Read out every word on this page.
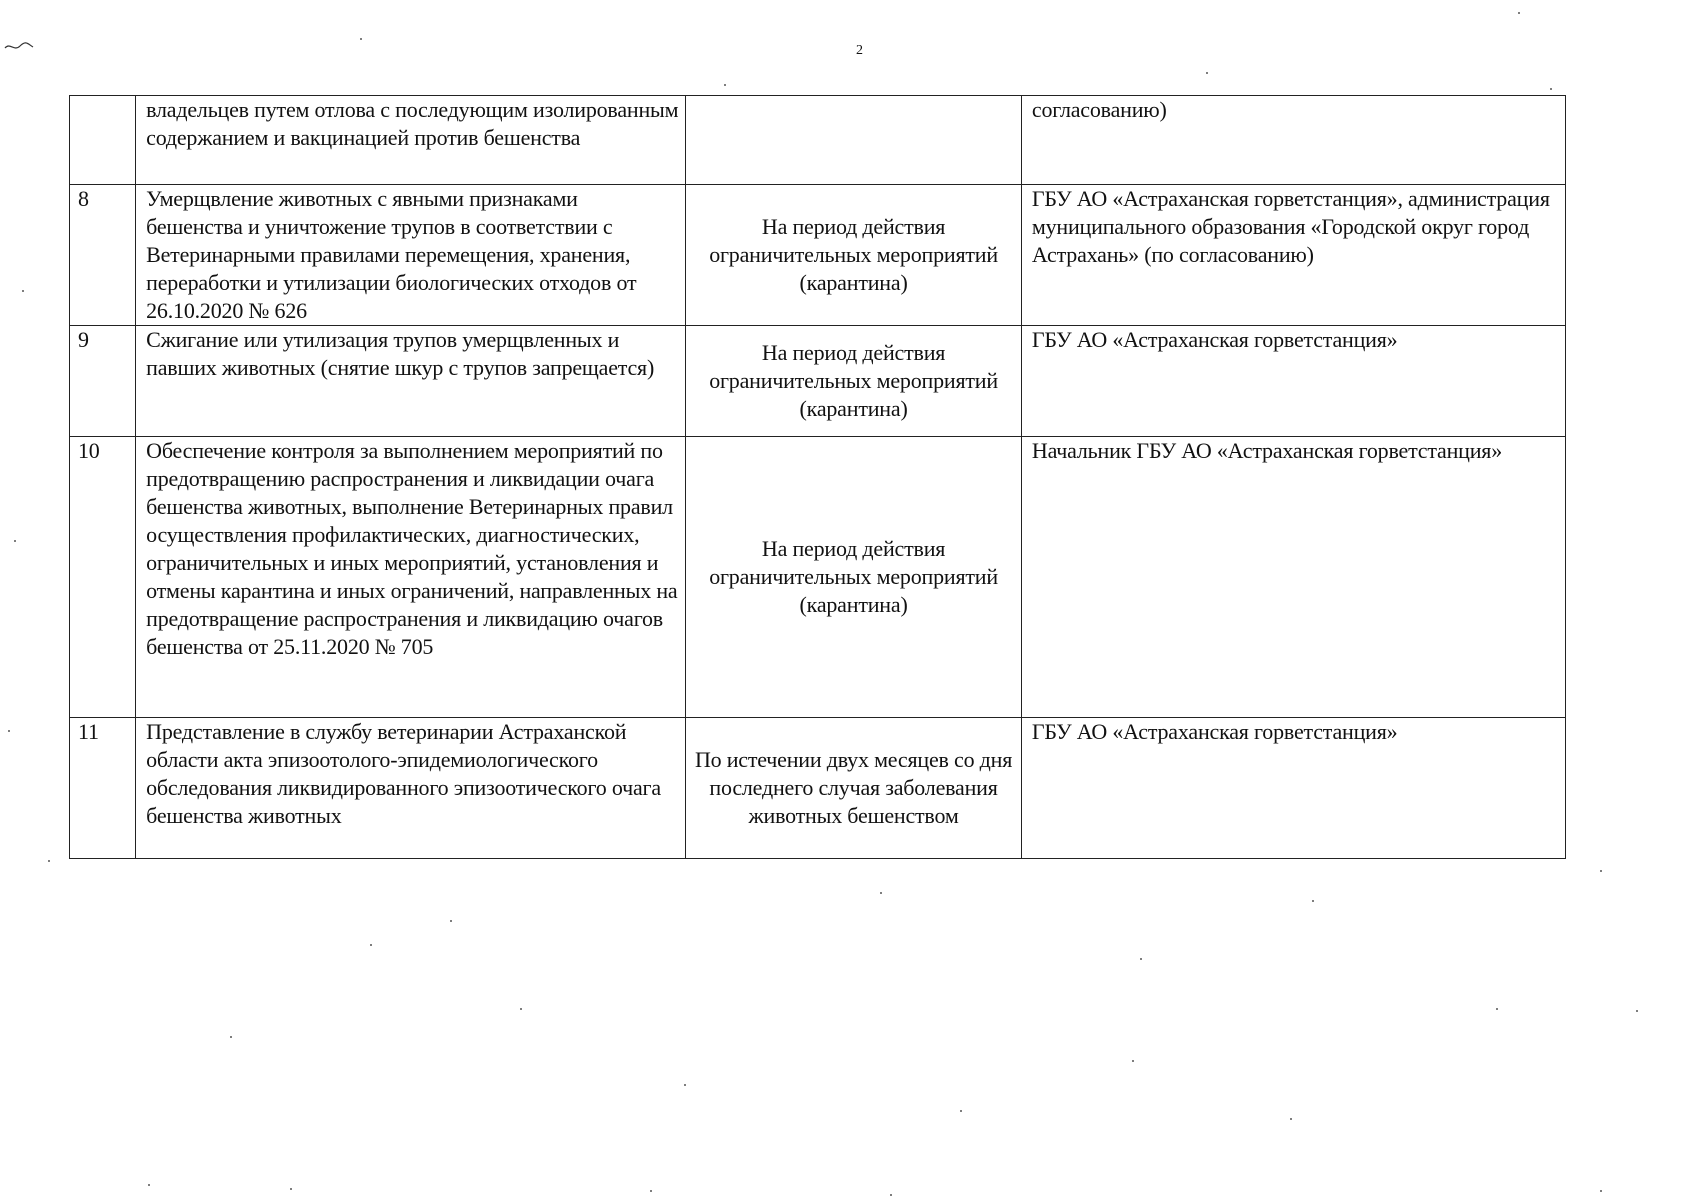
2
	владельцев путем отлова с последующим изолированным содержанием и вакцинацией против бешенства		согласованию)
8	Умерщвление животных с явными признаками бешенства и уничтожение трупов в соответствии с Ветеринарными правилами перемещения, хранения, переработки и утилизации биологических отходов от 26.10.2020 № 626	На период действия ограничительных мероприятий (карантина)	ГБУ АО «Астраханская горветстанция», администрация муниципального образования «Городской округ город Астрахань» (по согласованию)
9	Сжигание или утилизация трупов умерщвленных и павших животных (снятие шкур с трупов запрещается)	На период действия ограничительных мероприятий (карантина)	ГБУ АО «Астраханская горветстанция»
10	Обеспечение контроля за выполнением мероприятий по предотвращению распространения и ликвидации очага бешенства животных, выполнение Ветеринарных правил осуществления профилактических, диагностических, ограничительных и иных мероприятий, установления и отмены карантина и иных ограничений, направленных на предотвращение распространения и ликвидацию очагов бешенства от 25.11.2020 № 705	На период действия ограничительных мероприятий (карантина)	Начальник ГБУ АО «Астраханская горветстанция»
11	Представление в службу ветеринарии Астраханской области акта эпизоотолого-эпидемиологического обследования ликвидированного эпизоотического очага бешенства животных	По истечении двух месяцев со дня последнего случая заболевания животных бешенством	ГБУ АО «Астраханская горветстанция»
